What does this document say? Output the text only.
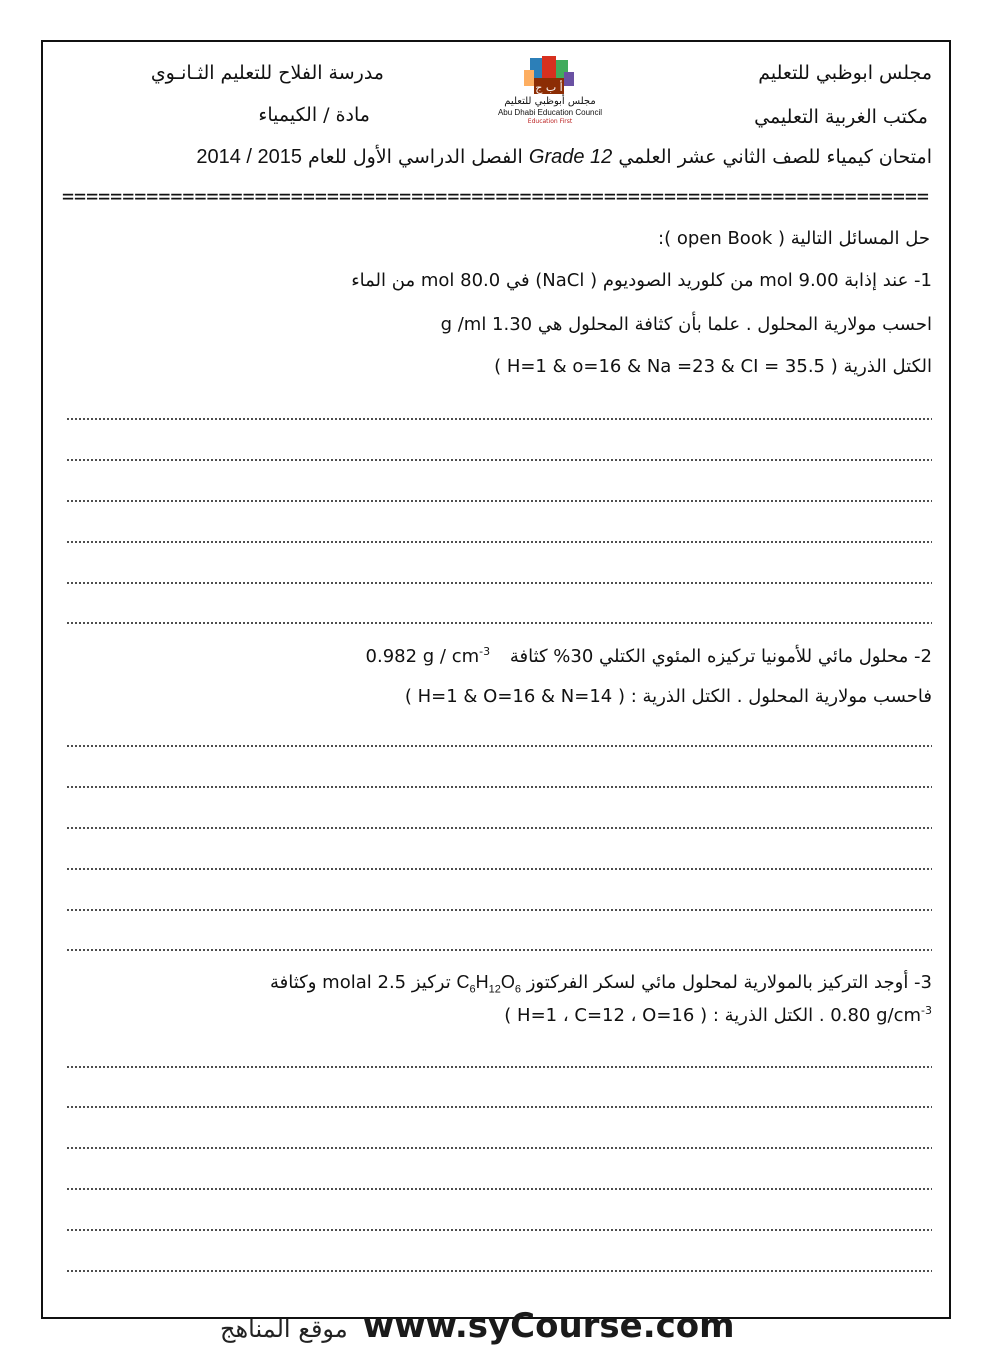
مجلس ابوظبي للتعليم
مكتب الغربية التعليمي
مدرسة الفلاح للتعليم الثـانـوي
مادة / الكيمياء
أ ب ج
مجلس أبوظبي للتعليم
Abu Dhabi Education Council
Education First
امتحان كيمياء للصف الثاني عشر العلمي Grade 12 الفصل الدراسي الأول للعام 2014 / 2015
========================================================================
حل المسائل التالية ( open Book ):
1- عند إذابة 9.00 mol من كلوريد الصوديوم ( NaCl) في 80.0 mol من الماء
احسب مولارية المحلول . علما بأن كثافة المحلول هي g /ml 1.30
الكتل الذرية ( H=1 & o=16 & Na =23 & CI = 35.5 )
2- محلول مائي للأمونيا تركيزه المئوي الكتلي 30% كثافة 0.982 g / $cm^{-3}$
فاحسب مولارية المحلول . الكتل الذرية : ( H=1 & O=16 & N=14 )
3- أوجد التركيز بالمولارية لمحلول مائي لسكر الفركتوز $C_6H_{12}O_6$ تركيز 2.5 molal وكثافة
0.80 $g/cm^{-3}$ . الكتل الذرية : ( H=1 ، C=12 ، O=16 )
موقع المناهج www.syCourse.com
